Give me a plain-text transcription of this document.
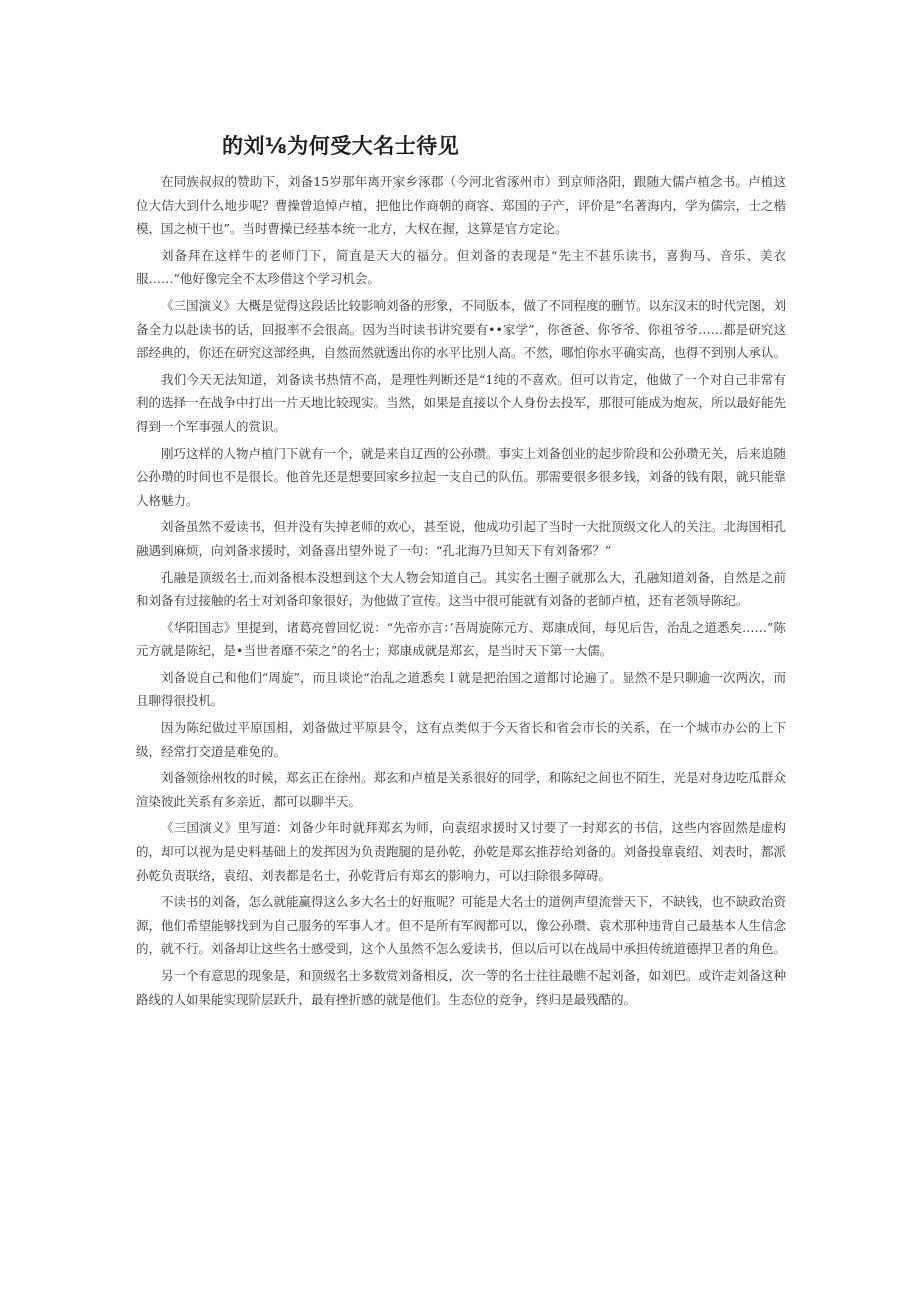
的刘⅛为何受大名士待见

在同族叔叔的赞助下，刘备15岁那年离开家乡涿郡（今河北省涿州市）到京师洛阳，跟随大儒卢植念书。卢植这位大佶大到什么地步呢？曹操曾追悼卢植，把他比作商朝的商容、郑国的子产，评价是”名著海内，学为儒宗，士之楷模，国之桢干也”。当时曹操已经基本统一北方，大权在握，这算是官方定论。

刘备拜在这样牛的老师门下，简直是天大的福分。但刘备的表现是“先主不甚乐读书，喜狗马、音乐、美衣服……”他好像完全不太珍借这个学习机会。

《三国演义》大概是觉得这段话比较影响刘备的形象，不同版本，做了不同程度的删节。以东汉末的时代完图，刘备全力以赴读书的话，回报率不会很高。因为当时读书讲究要有••家学”，你爸爸、你爷爷、你祖爷爷……都是研究这部经典的，你还在研究这部经典，自然而然就透出你的水平比别人高。不然，哪怕你水平确实高，也得不到别人承认。

我们今天无法知道，刘备读书热情不高，是理性判断还是“1纯的不喜欢。但可以肯定，他做了一个对自己非常有利的选择一在战争中打出一片天地比较现实。当然，如果是直接以个人身份去投军，那很可能成为炮灰，所以最好能先得到一个军事强人的赏识。

刚巧这样的人物卢植门下就有一个，就是来自辽西的公孙瓒。事实上刘备创业的起步阶段和公孙瓒无关，后来追随公孙瓒的时间也不是很长。他首先还是想要回家乡拉起一支自己的队伍。那需要很多很多钱，刘备的钱有限，就只能靠人格魅力。

刘备虽然不爱读书，但并没有失掉老师的欢心，甚至说，他成功引起了当时一大批顶级文化人的关注。北海国相孔融遇到麻烦，向刘备求援时，刘备喜出望外说了一句：“孔北海乃旦知天下有刘备邪？”

孔融是顶级名士,而刘备根本没想到这个大人物会知道自己。其实名士圈子就那么大，孔融知道刘备，自然是之前和刘备有过接触的名士对刘备印象很好，为他做了宣传。这当中很可能就有刘备的老師卢植，还有老领导陈纪。

《华阳国志》里提到，诸葛亮曾回忆说：“先帝亦言：’吾周旋陈元方、郑康成间，每见后告，治乱之道悉矣……”陈元方就是陈纪，是•当世者靡不荣之”的名士；郑康成就是郑玄，是当时天下第一大儒。

刘备说自己和他们“周旋”，而且谈论“治乱之道悉矣Ｉ就是把治国之道都讨论遍了。显然不是只聊逾一次两次，而且聊得很投机。

因为陈纪做过平原国相，刘备做过平原县令，这有点类似于今天省长和省会市长的关系，在一个城市办公的上下级，经常打交道是难免的。

刘备领徐州牧的时候，郑玄正在徐州。郑玄和卢植是关系很好的同学，和陈纪之间也不陌生，光是对身边吃瓜群众渲染彼此关系有多亲近，都可以聊半天。

《三国演义》里写道：刘备少年时就拜郑玄为师，向袁绍求援时又讨要了一封郑玄的书信，这些内容固然是虚构的，却可以视为是史料基础上的发挥因为负责跑腿的是孙乾，孙乾是郑玄推荐给刘备的。刘备投靠袁绍、刘表时，都派孙乾负责联络，袁绍、刘表都是名士，孙乾背后有郑玄的影响力，可以扫除很多障碍。

不读书的刘备，怎么就能赢得这么多大名士的好瓶呢？可能是大名士的道例声望流誉天下，不缺钱，也不缺政治资源，他们希望能够找到为自己服务的军事人才。但不是所有军阀都可以，像公孙瓒、袁术那种违背自己最基本人生信念的，就不行。刘备却让这些名士感受到，这个人虽然不怎么爱读书，但以后可以在战局中承担传统道德捍卫者的角色。

另一个有意思的现象是，和顶级名士多数赏刘备相反，次一等的名士往往最瞧不起刘备，如刘巴。或许走刘备这种路线的人如果能实现阶层跃升，最有挫折感的就是他们。生态位的竞争，终归是最残酷的。
